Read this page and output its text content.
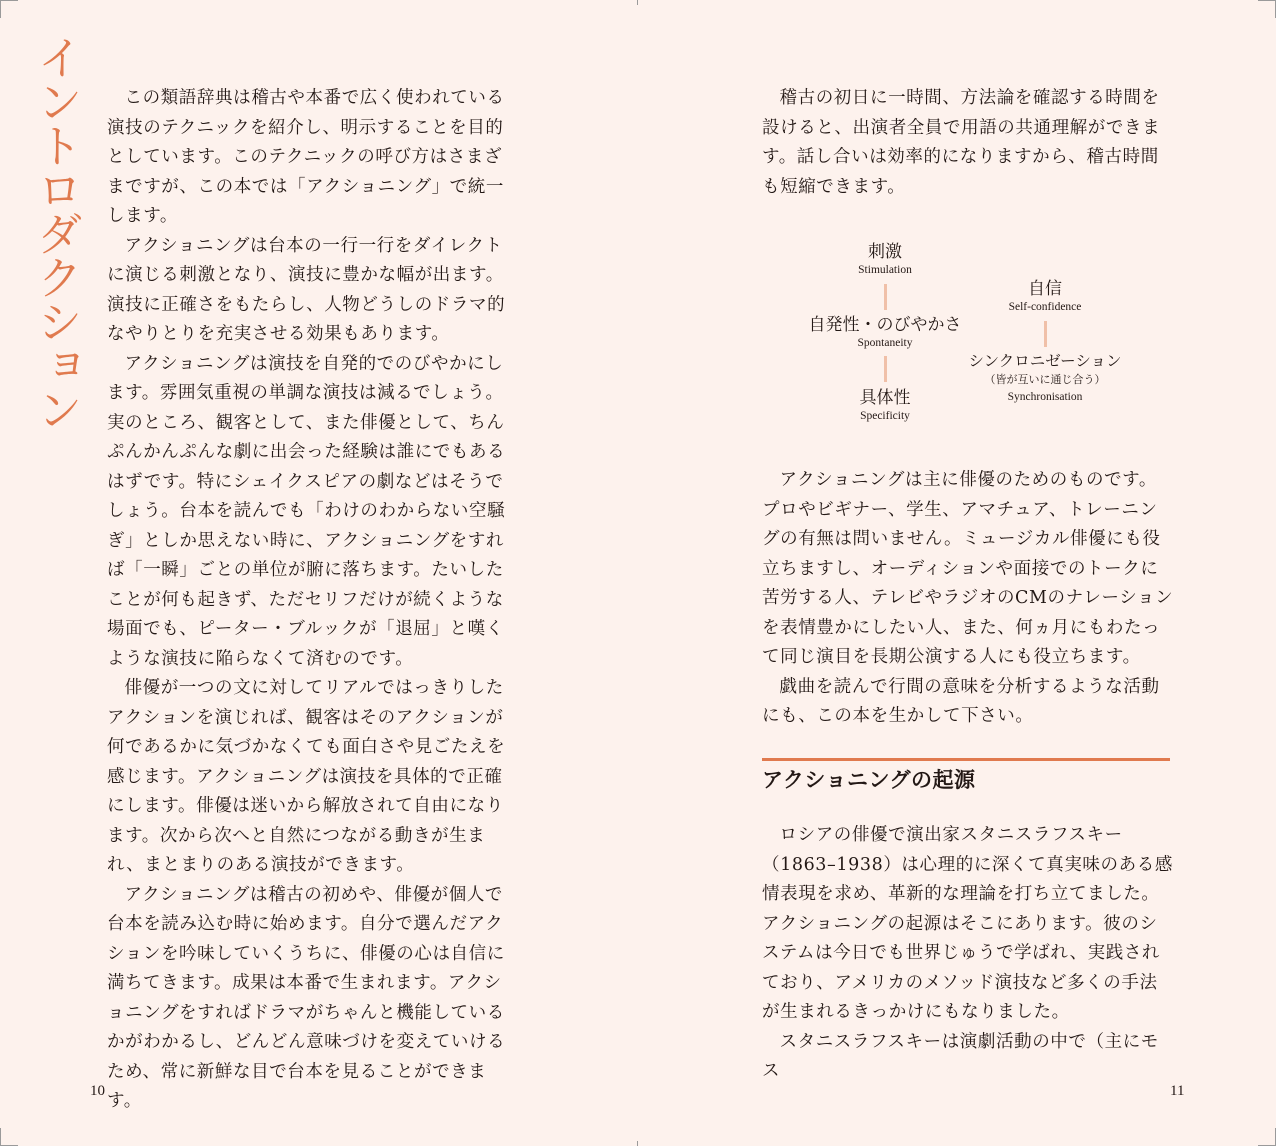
イントロダクション	この類語辞典は稽古や本番で広く使われている演技のテクニックを紹介し、明示することを目的としています。このテクニックの呼び方はさまざまですが、この本では「アクショニング」で統一します。

アクショニングは台本の一行一行をダイレクトに演じる刺激となり、演技に豊かな幅が出ます。演技に正確さをもたらし、人物どうしのドラマ的なやりとりを充実させる効果もあります。

アクショニングは演技を自発的でのびやかにします。雰囲気重視の単調な演技は減るでしょう。実のところ、観客として、また俳優として、ちんぷんかんぷんな劇に出会った経験は誰にでもあるはずです。特にシェイクスピアの劇などはそうでしょう。台本を読んでも「わけのわからない空騒ぎ」としか思えない時に、アクショニングをすれば「一瞬」ごとの単位が腑に落ちます。たいしたことが何も起きず、ただセリフだけが続くような場面でも、ピーター・ブルックが「退屈」と嘆くような演技に陥らなくて済むのです。

俳優が一つの文に対してリアルではっきりしたアクションを演じれば、観客はそのアクションが何であるかに気づかなくても面白さや見ごたえを感じます。アクショニングは演技を具体的で正確にします。俳優は迷いから解放されて自由になります。次から次へと自然につながる動きが生まれ、まとまりのある演技ができます。

アクショニングは稽古の初めや、俳優が個人で台本を読み込む時に始めます。自分で選んだアクションを吟味していくうちに、俳優の心は自信に満ちてきます。成果は本番で生まれます。アクショニングをすればドラマがちゃんと機能しているかがわかるし、どんどん意味づけを変えていけるため、常に新鮮な目で台本を見ることができます。

10

稽古の初日に一時間、方法論を確認する時間を設けると、出演者全員で用語の共通理解ができます。話し合いは効率的になりますから、稽古時間も短縮できます。

刺激
Stimulation
自発性・のびやかさ
Spontaneity
具体性
Specificity
自信
Self-confidence
シンクロニゼーション
（皆が互いに通じ合う）
Synchronisation

アクショニングは主に俳優のためのものです。プロやビギナー、学生、アマチュア、トレーニングの有無は問いません。ミュージカル俳優にも役立ちますし、オーディションや面接でのトークに苦労する人、テレビやラジオのCMのナレーションを表情豊かにしたい人、また、何ヵ月にもわたって同じ演目を長期公演する人にも役立ちます。

戯曲を読んで行間の意味を分析するような活動にも、この本を生かして下さい。

アクショニングの起源

ロシアの俳優で演出家スタニスラフスキー（1863–1938）は心理的に深くて真実味のある感情表現を求め、革新的な理論を打ち立てました。アクショニングの起源はそこにあります。彼のシステムは今日でも世界じゅうで学ばれ、実践されており、アメリカのメソッド演技など多くの手法が生まれるきっかけにもなりました。

スタニスラフスキーは演劇活動の中で（主にモス

11
